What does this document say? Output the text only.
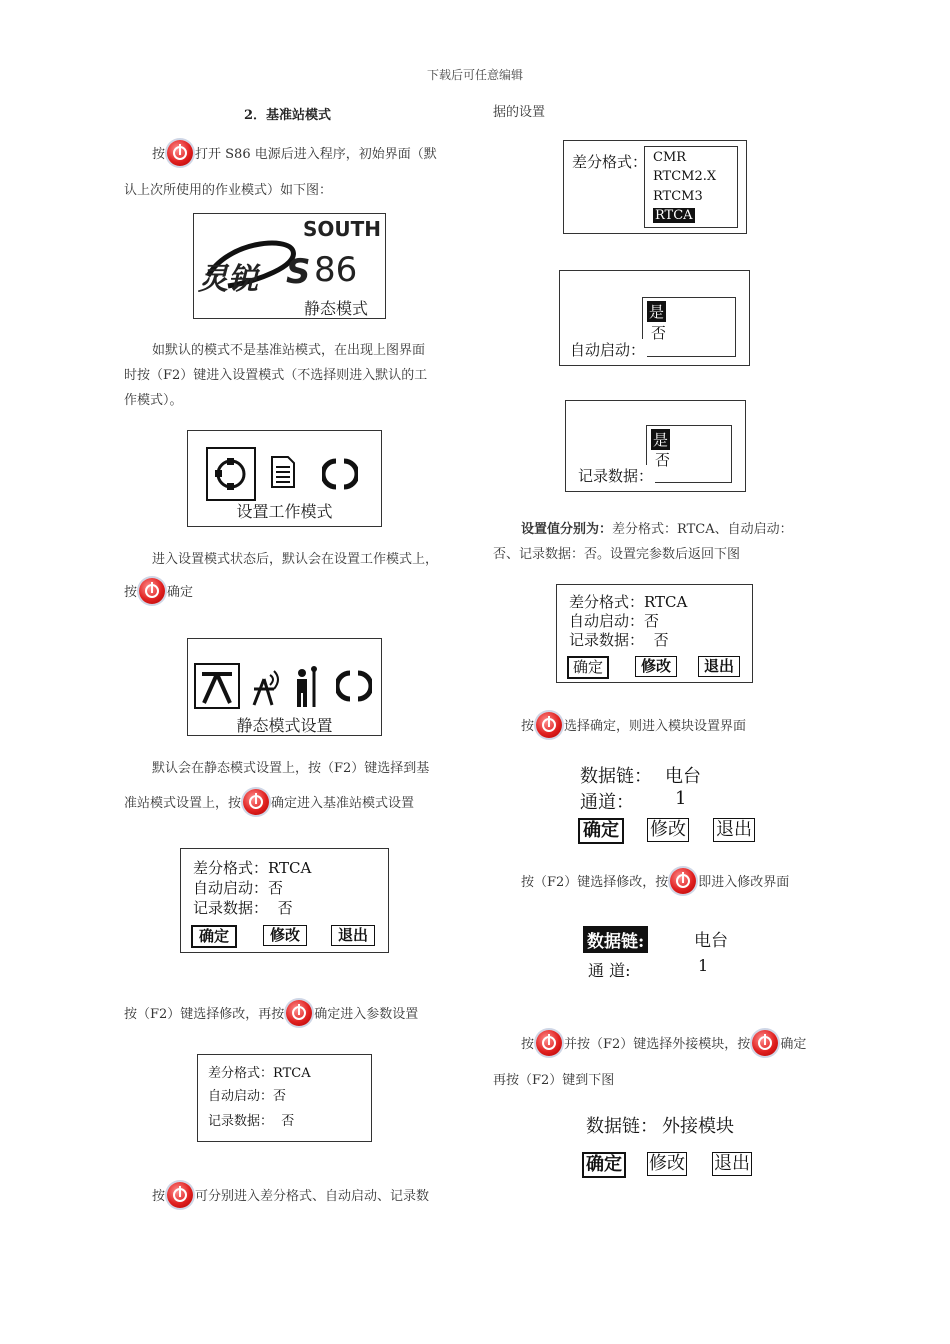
下载后可任意编辑
2．基准站模式
按 打开 S86 电源后进入程序，初始界面（默
认上次所使用的作业模式）如下图：
SOUTH
灵锐 S 86
静态模式
如默认的模式不是基准站模式，在出现上图界面
时按（F2）键进入设置模式（不选择则进入默认的工
作模式）。
设置工作模式
进入设置模式状态后，默认会在设置工作模式上，
按 确定
静态模式设置
默认会在静态模式设置上，按（F2）键选择到基
准站模式设置上，按 确定进入基准站模式设置
差分格式：RTCA
自动启动：否
记录数据： 否
确定	修改	退出
按（F2）键选择修改，再按 确定进入参数设置
差分格式：RTCA
自动启动：否
记录数据： 否
按 可分别进入差分格式、自动启动、记录数
据的设置
差分格式： CMR
RTCM2.X
RTCM3
RTCA
是
否
自动启动：
是
否
记录数据：
设置值分别为：差分格式：RTCA、自动启动：
否、记录数据：否。设置完参数后返回下图
差分格式：RTCA
自动启动：否
记录数据： 否
确定	修改	退出
按 选择确定，则进入模块设置界面
数据链： 电台
通道： 1
确定 修改 退出
按（F2）键选择修改，按 即进入修改界面
数据链:	电台
通 道:	1
按 并按（F2）键选择外接模块，按 确定
再按（F2）键到下图
数据链： 外接模块
确定 修改 退出
